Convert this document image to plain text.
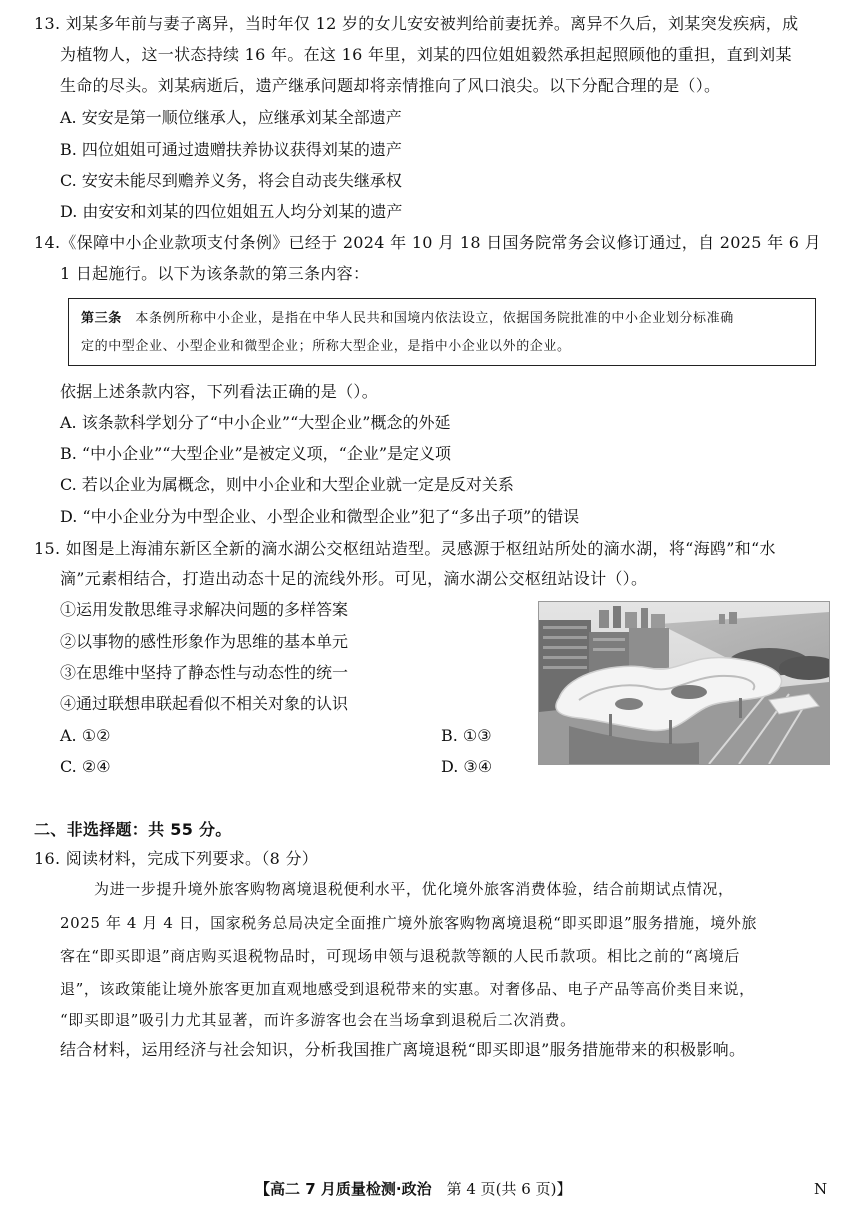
13. 刘某多年前与妻子离异，当时年仅 12 岁的女儿安安被判给前妻抚养。离异不久后，刘某突发疾病，成
为植物人，这一状态持续 16 年。在这 16 年里，刘某的四位姐姐毅然承担起照顾他的重担，直到刘某
生命的尽头。刘某病逝后，遗产继承问题却将亲情推向了风口浪尖。以下分配合理的是（）。
A. 安安是第一顺位继承人，应继承刘某全部遗产
B. 四位姐姐可通过遗赠扶养协议获得刘某的遗产
C. 安安未能尽到赡养义务，将会自动丧失继承权
D. 由安安和刘某的四位姐姐五人均分刘某的遗产
14.《保障中小企业款项支付条例》已经于 2024 年 10 月 18 日国务院常务会议修订通过，自 2025 年 6 月
1 日起施行。以下为该条款的第三条内容：
第三条　本条例所称中小企业，是指在中华人民共和国境内依法设立，依据国务院批准的中小企业划分标准确
定的中型企业、小型企业和微型企业；所称大型企业，是指中小企业以外的企业。
依据上述条款内容，下列看法正确的是（）。
A. 该条款科学划分了“中小企业”“大型企业”概念的外延
B. “中小企业”“大型企业”是被定义项，“企业”是定义项
C. 若以企业为属概念，则中小企业和大型企业就一定是反对关系
D. “中小企业分为中型企业、小型企业和微型企业”犯了“多出子项”的错误
15. 如图是上海浦东新区全新的滴水湖公交枢纽站造型。灵感源于枢纽站所处的滴水湖，将“海鸥”和“水
滴”元素相结合，打造出动态十足的流线外形。可见，滴水湖公交枢纽站设计（）。
①运用发散思维寻求解决问题的多样答案
②以事物的感性形象作为思维的基本单元
③在思维中坚持了静态性与动态性的统一
④通过联想串联起看似不相关对象的认识
A. ①②	B. ①③
C. ②④	D. ③④
二、非选择题：共 55 分。
16. 阅读材料，完成下列要求。（8 分）
为进一步提升境外旅客购物离境退税便利水平，优化境外旅客消费体验，结合前期试点情况，
2025 年 4 月 4 日，国家税务总局决定全面推广境外旅客购物离境退税“即买即退”服务措施，境外旅
客在“即买即退”商店购买退税物品时，可现场申领与退税款等额的人民币款项。相比之前的“离境后
退”，该政策能让境外旅客更加直观地感受到退税带来的实惠。对奢侈品、电子产品等高价类目来说，
“即买即退”吸引力尤其显著，而许多游客也会在当场拿到退税后二次消费。
结合材料，运用经济与社会知识，分析我国推广离境退税“即买即退”服务措施带来的积极影响。
【高二 7 月质量检测·政治　第 4 页(共 6 页)】	N
